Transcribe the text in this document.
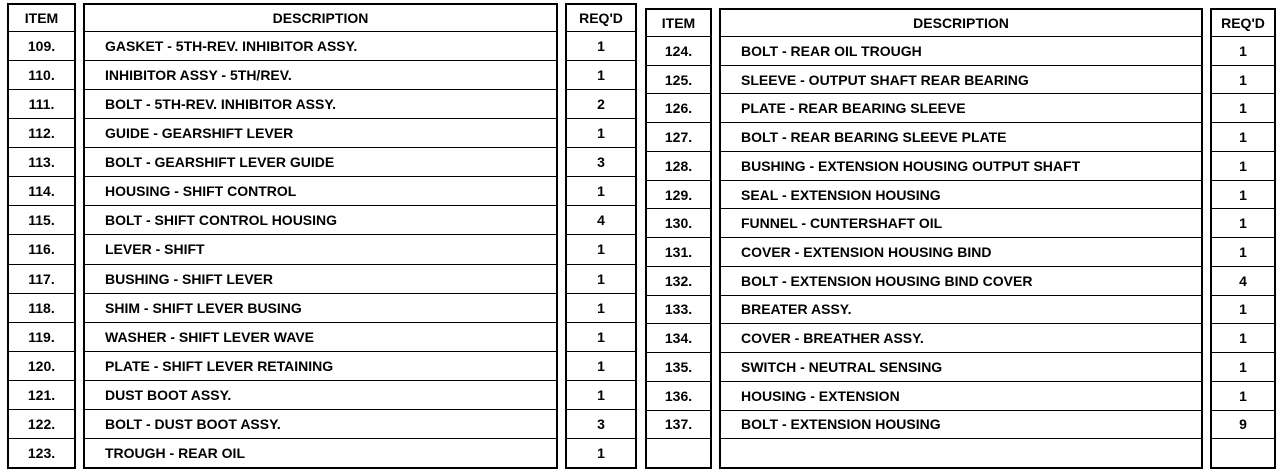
ITEM
109.
110.
111.
112.
113.
114.
115.
116.
117.
118.
119.
120.
121.
122.
123.
DESCRIPTION
GASKET - 5TH-REV. INHIBITOR ASSY.
INHIBITOR ASSY - 5TH/REV.
BOLT - 5TH-REV. INHIBITOR ASSY.
GUIDE - GEARSHIFT LEVER
BOLT - GEARSHIFT LEVER GUIDE
HOUSING - SHIFT CONTROL
BOLT - SHIFT CONTROL HOUSING
LEVER - SHIFT
BUSHING - SHIFT LEVER
SHIM - SHIFT LEVER BUSING
WASHER - SHIFT LEVER WAVE
PLATE - SHIFT LEVER RETAINING
DUST BOOT ASSY.
BOLT - DUST BOOT ASSY.
TROUGH - REAR OIL
REQ'D
1
1
2
1
3
1
4
1
1
1
1
1
1
3
1
ITEM
124.
125.
126.
127.
128.
129.
130.
131.
132.
133.
134.
135.
136.
137.
DESCRIPTION
BOLT - REAR OIL TROUGH
SLEEVE - OUTPUT SHAFT REAR BEARING
PLATE - REAR BEARING SLEEVE
BOLT - REAR BEARING SLEEVE PLATE
BUSHING - EXTENSION HOUSING OUTPUT SHAFT
SEAL - EXTENSION HOUSING
FUNNEL - CUNTERSHAFT OIL
COVER - EXTENSION HOUSING BIND
BOLT - EXTENSION HOUSING BIND COVER
BREATER ASSY.
COVER - BREATHER ASSY.
SWITCH - NEUTRAL SENSING
HOUSING - EXTENSION
BOLT - EXTENSION HOUSING
REQ'D
1
1
1
1
1
1
1
1
4
1
1
1
1
9
